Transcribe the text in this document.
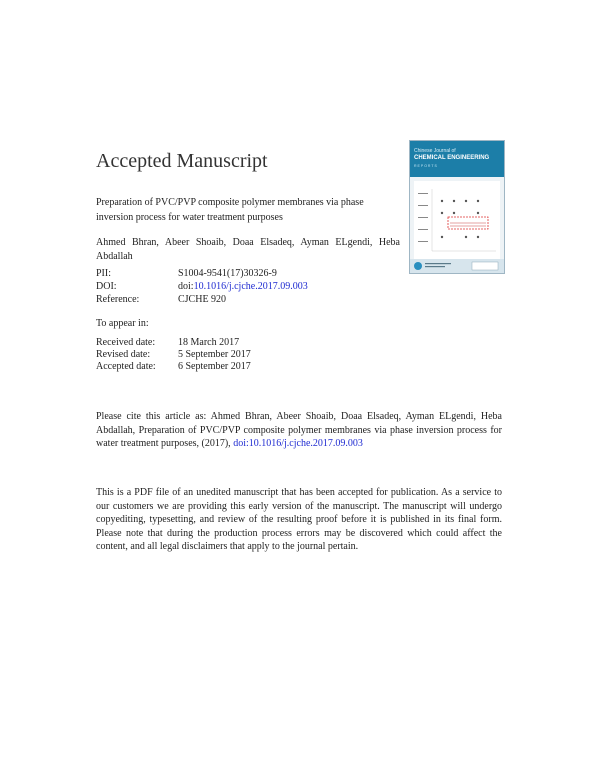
Accepted Manuscript	Chinese Journal of
CHEMICAL ENGINEERING
REPORTS
Preparation of PVC/PVP composite polymer membranes via phase inversion process for water treatment purposes
Ahmed Bhran, Abeer Shoaib, Doaa Elsadeq, Ayman ELgendi, Heba Abdallah
PII:	S1004-9541(17)30326-9
DOI:	doi:10.1016/j.cjche.2017.09.003
Reference:	CJCHE 920
To appear in:
Received date: 18 March 2017
Revised date:	5 September 2017
Accepted date: 6 September 2017
Please cite this article as: Ahmed Bhran, Abeer Shoaib, Doaa Elsadeq, Ayman ELgendi, Heba Abdallah, Preparation of PVC/PVP composite polymer membranes via phase inversion process for water treatment purposes, (2017), doi:10.1016/j.cjche.2017.09.003
This is a PDF file of an unedited manuscript that has been accepted for publication. As a service to our customers we are providing this early version of the manuscript. The manuscript will undergo copyediting, typesetting, and review of the resulting proof before it is published in its final form. Please note that during the production process errors may be discovered which could affect the content, and all legal disclaimers that apply to the journal pertain.
